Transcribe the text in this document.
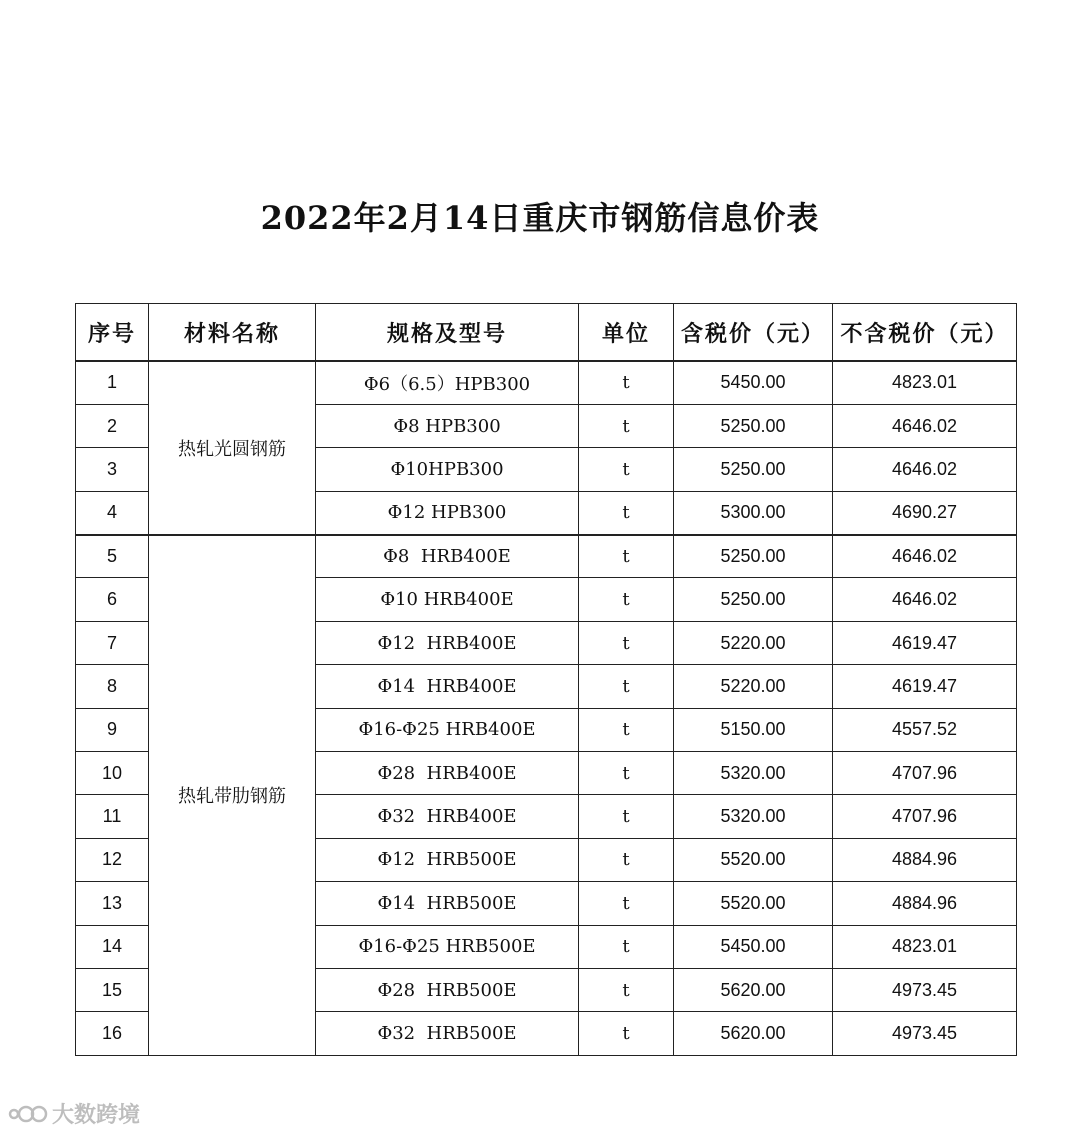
2022年2月14日重庆市钢筋信息价表
序号	材料名称	规格及型号	单位	含税价（元）	不含税价（元）
1	热轧光圆钢筋	Φ6（6.5）HPB300	t	5450.00	4823.01
2		Φ8 HPB300	t	5250.00	4646.02
3		Φ10HPB300	t	5250.00	4646.02
4		Φ12 HPB300	t	5300.00	4690.27
5	热轧带肋钢筋	Φ8  HRB400E	t	5250.00	4646.02
6		Φ10 HRB400E	t	5250.00	4646.02
7		Φ12  HRB400E	t	5220.00	4619.47
8		Φ14  HRB400E	t	5220.00	4619.47
9		Φ16-Φ25 HRB400E	t	5150.00	4557.52
10		Φ28  HRB400E	t	5320.00	4707.96
11		Φ32  HRB400E	t	5320.00	4707.96
12		Φ12  HRB500E	t	5520.00	4884.96
13		Φ14  HRB500E	t	5520.00	4884.96
14		Φ16-Φ25 HRB500E	t	5450.00	4823.01
15		Φ28  HRB500E	t	5620.00	4973.45
16		Φ32  HRB500E	t	5620.00	4973.45
大数跨境
